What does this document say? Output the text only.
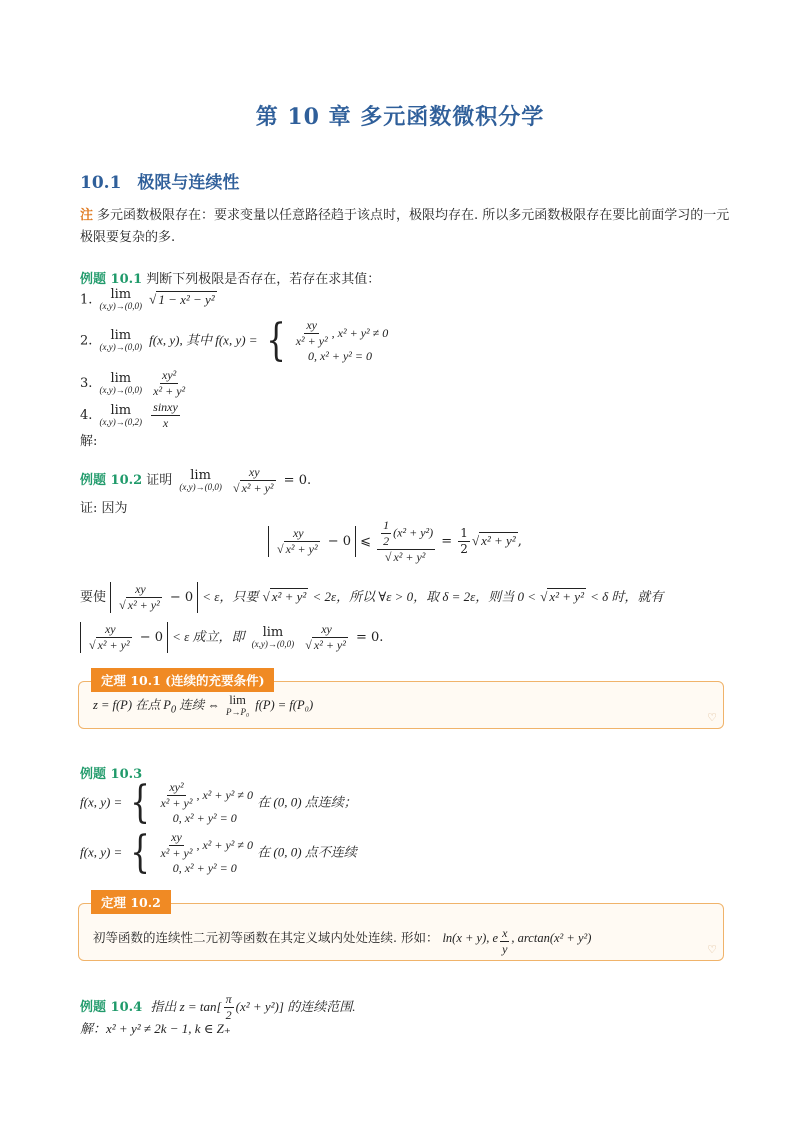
第 10 章 多元函数微积分学
10.1 极限与连续性
注 多元函数极限存在：要求变量以任意路径趋于该点时，极限均存在. 所以多元函数极限存在要比前面学习的一元极限要复杂的多.
例题 10.1 判断下列极限是否存在，若存在求其值：
1. lim
(x,y)→(0,0) √ 1 − x² − y²
2. lim
(x,y)→(0,0) f(x, y), 其中 f(x, y) = { $\frac{xy}{\text{x² + y²}}$ , x² + y² ≠ 0
0, x² + y² = 0
3. lim
(x,y)→(0,0)
$\frac{\text{xy²}}{\text{x² + y²}}$
4. lim
(x,y)→(0,2)
$\frac{\text{sinxy}}{x}$
解:
例题 10.2 证明 lim
(x,y)→(0,0)
$\frac{xy}{\text{√ x² + y²}} = 0$.
证: 因为
$\frac{xy}{\text{√ x² + y²}} - 0$ ⩽ $\frac{\frac{1}{2} (x^2 + y^2)}{\text{√ x² + y²}} = \frac{1}{2}$ √ x² + y² ,
要使 $\frac{xy}{\text{√ x² + y²}} - 0 < \varepsilon$，只要 √ x² + y² < 2ε，所以 ∀ε > 0，取 δ = 2ε，则当 0 < √ x² + y² < δ 时，就有
$\frac{xy}{\text{√ x² + y²}} - 0 < \varepsilon$ 成立，即 lim
(x,y)→(0,0)
$\frac{xy}{\text{√ x² + y²}} = 0$.
定理 10.1 (连续的充要条件)
z = f(P) 在点 $P_0$ 连续 ⇔ lim
P→P₀
f(P) = f(P₀)
♡
例题 10.3
f(x, y) = { $\frac{\text{xy²}}{\text{x² + y²}}$ , x² + y² ≠ 0
0, x² + y² = 0
在 (0, 0) 点连续；
f(x, y) = { $\frac{xy}{\text{x² + y²}}$ , x² + y² ≠ 0
0, x² + y² = 0
在 (0, 0) 点不连续
定理 10.2
初等函数的连续性二元初等函数在其定义域内处处连续. 形如： ln(x + y), e $\frac{x}{y}$ , arctan(x² + y²)
♡
例题 10.4 指出 $z = \tan[ \frac{\pi}{2} (x^2 + y^2)]$ 的连续范围.
解：x² + y² ≠ 2k − 1, k ∈ Z₊
